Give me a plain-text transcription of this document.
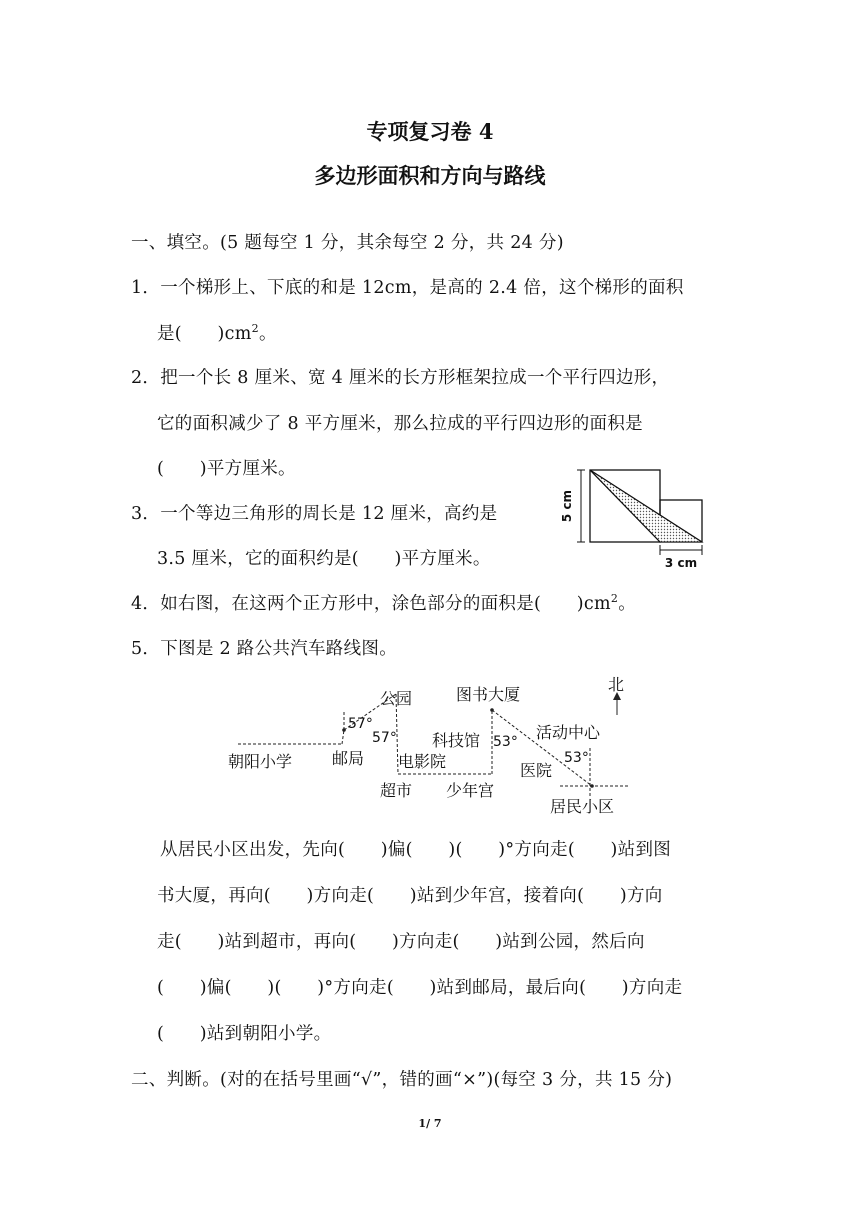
专项复习卷 4
多边形面积和方向与路线
一、填空。(5 题每空 1 分，其余每空 2 分，共 24 分)
1．一个梯形上、下底的和是 12cm，是高的 2.4 倍，这个梯形的面积
是(　　)$cm^2$。
2．把一个长 8 厘米、宽 4 厘米的长方形框架拉成一个平行四边形，
它的面积减少了 8 平方厘米，那么拉成的平行四边形的面积是
(　　)平方厘米。
3．一个等边三角形的周长是 12 厘米，高约是
3.5 厘米，它的面积约是(　　)平方厘米。
4．如右图，在这两个正方形中，涂色部分的面积是(　　)$cm^2$。
5．下图是 2 路公共汽车路线图。
5 cm
3 cm
北
公园	图书大厦
朝阳小学 邮局 电影院
科技馆	活动中心
医院
超市 少年宫
居民小区
57°
57°	53°
53°
从居民小区出发，先向(　　)偏(　　)(　　)°方向走(　　)站到图
书大厦，再向(　　)方向走(　　)站到少年宫，接着向(　　)方向
走(　　)站到超市，再向(　　)方向走(　　)站到公园，然后向
(　　)偏(　　)(　　)°方向走(　　)站到邮局，最后向(　　)方向走
(　　)站到朝阳小学。
二、判断。(对的在括号里画“√”，错的画“×”)(每空 3 分，共 15 分)
1/ 7
